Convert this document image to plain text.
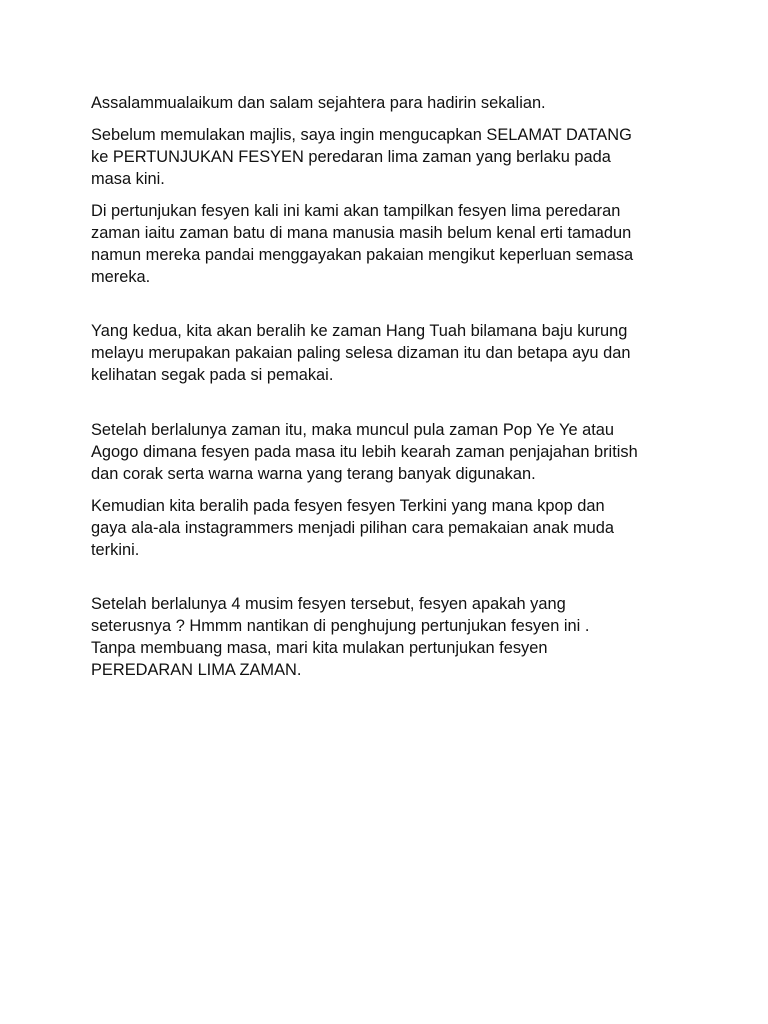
Assalammualaikum dan salam sejahtera para hadirin sekalian.

Sebelum memulakan majlis, saya ingin mengucapkan SELAMAT DATANG
ke PERTUNJUKAN FESYEN peredaran lima zaman yang berlaku pada
masa kini.

Di pertunjukan fesyen kali ini kami akan tampilkan fesyen lima peredaran
zaman iaitu zaman batu di mana manusia masih belum kenal erti tamadun
namun mereka pandai menggayakan pakaian mengikut keperluan semasa
mereka.

Yang kedua, kita akan beralih ke zaman Hang Tuah bilamana baju kurung
melayu merupakan pakaian paling selesa dizaman itu dan betapa ayu dan
kelihatan segak pada si pemakai.

Setelah berlalunya zaman itu, maka muncul pula zaman Pop Ye Ye atau
Agogo dimana fesyen pada masa itu lebih kearah zaman penjajahan british
dan corak serta warna warna yang terang banyak digunakan.

Kemudian kita beralih pada fesyen fesyen Terkini yang mana kpop dan
gaya ala-ala instagrammers menjadi pilihan cara pemakaian anak muda
terkini.

Setelah berlalunya 4 musim fesyen tersebut, fesyen apakah yang
seterusnya ? Hmmm nantikan di penghujung pertunjukan fesyen ini .
Tanpa membuang masa, mari kita mulakan pertunjukan fesyen
PEREDARAN LIMA ZAMAN.
